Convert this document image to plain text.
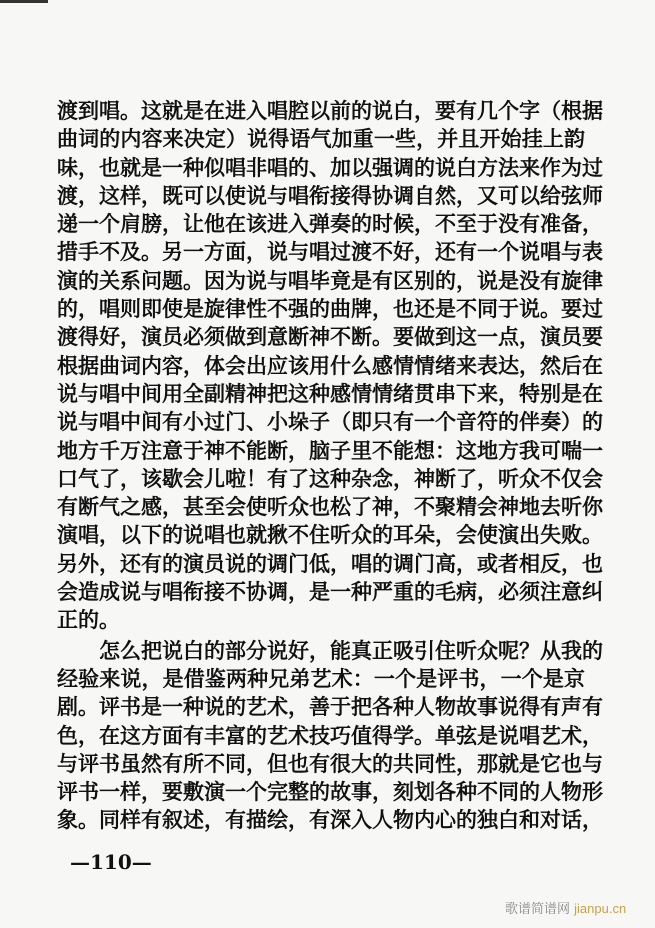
渡到唱。这就是在进入唱腔以前的说白，要有几个字（根据
曲词的内容来决定）说得语气加重一些，并且开始挂上韵
味，也就是一种似唱非唱的、加以强调的说白方法来作为过
渡，这样，既可以使说与唱衔接得协调自然，又可以给弦师
递一个肩膀，让他在该进入弹奏的时候，不至于没有准备，
措手不及。另一方面，说与唱过渡不好，还有一个说唱与表
演的关系问题。因为说与唱毕竟是有区别的，说是没有旋律
的，唱则即使是旋律性不强的曲牌，也还是不同于说。要过
渡得好，演员必须做到意断神不断。要做到这一点，演员要
根据曲词内容，体会出应该用什么感情情绪来表达，然后在
说与唱中间用全副精神把这种感情情绪贯串下来，特别是在
说与唱中间有小过门、小垛子（即只有一个音符的伴奏）的
地方千万注意于神不能断，脑子里不能想：这地方我可喘一
口气了，该歇会儿啦！有了这种杂念，神断了，听众不仅会
有断气之感，甚至会使听众也松了神，不聚精会神地去听你
演唱，以下的说唱也就揪不住听众的耳朵，会使演出失败。
另外，还有的演员说的调门低，唱的调门高，或者相反，也
会造成说与唱衔接不协调，是一种严重的毛病，必须注意纠
正的。
怎么把说白的部分说好，能真正吸引住听众呢？从我的
经验来说，是借鉴两种兄弟艺术：一个是评书，一个是京
剧。评书是一种说的艺术，善于把各种人物故事说得有声有
色，在这方面有丰富的艺术技巧值得学。单弦是说唱艺术，
与评书虽然有所不同，但也有很大的共同性，那就是它也与
评书一样，要敷演一个完整的故事，刻划各种不同的人物形
象。同样有叙述，有描绘，有深入人物内心的独白和对话，
—110—
歌谱简谱网 jianpu.cn
